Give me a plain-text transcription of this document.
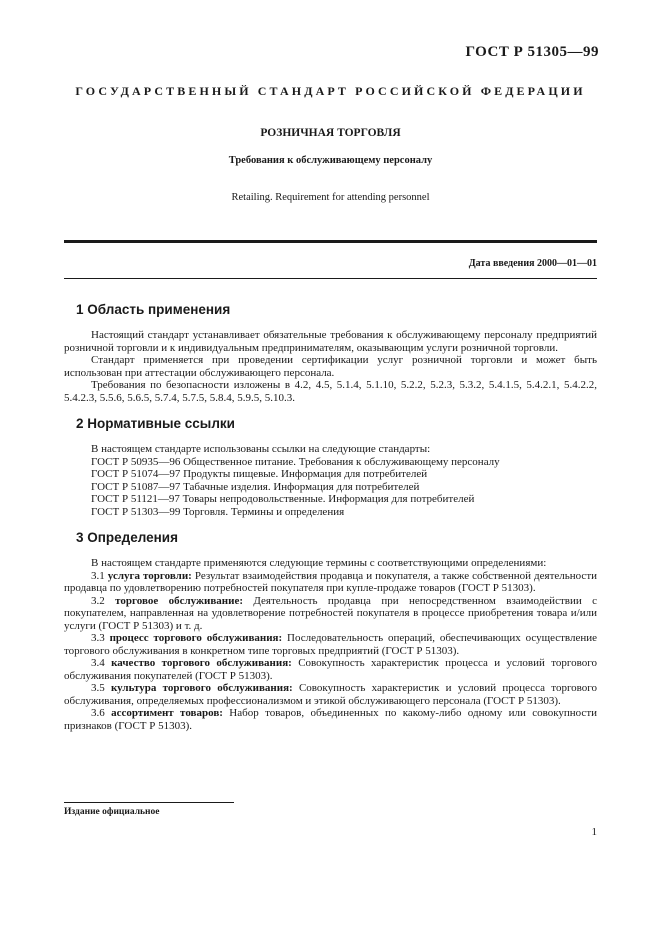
ГОСТ Р 51305—99
ГОСУДАРСТВЕННЫЙ СТАНДАРТ РОССИЙСКОЙ ФЕДЕРАЦИИ
РОЗНИЧНАЯ ТОРГОВЛЯ
Требования к обслуживающему персоналу
Retailing. Requirement for attending personnel
Дата введения 2000—01—01
1 Область применения

Настоящий стандарт устанавливает обязательные требования к обслуживающему персоналу предприятий розничной торговли и к индивидуальным предпринимателям, оказывающим услуги розничной торговли.

Стандарт применяется при проведении сертификации услуг розничной торговли и может быть использован при аттестации обслуживающего персонала.

Требования по безопасности изложены в 4.2, 4.5, 5.1.4, 5.1.10, 5.2.2, 5.2.3, 5.3.2, 5.4.1.5, 5.4.2.1, 5.4.2.2, 5.4.2.3, 5.5.6, 5.6.5, 5.7.4, 5.7.5, 5.8.4, 5.9.5, 5.10.3.

2 Нормативные ссылки

В настоящем стандарте использованы ссылки на следующие стандарты:

ГОСТ Р 50935—96 Общественное питание. Требования к обслуживающему персоналу
ГОСТ Р 51074—97 Продукты пищевые. Информация для потребителей
ГОСТ Р 51087—97 Табачные изделия. Информация для потребителей
ГОСТ Р 51121—97 Товары непродовольственные. Информация для потребителей
ГОСТ Р 51303—99 Торговля. Термины и определения
3 Определения

В настоящем стандарте применяются следующие термины с соответствующими определениями:

3.1 услуга торговли: Результат взаимодействия продавца и покупателя, а также собственной деятельности продавца по удовлетворению потребностей покупателя при купле-продаже товаров (ГОСТ Р 51303).

3.2 торговое обслуживание: Деятельность продавца при непосредственном взаимодействии с покупателем, направленная на удовлетворение потребностей покупателя в процессе приобретения товара и/или услуги (ГОСТ Р 51303) и т. д.

3.3 процесс торгового обслуживания: Последовательность операций, обеспечивающих осуществление торгового обслуживания в конкретном типе торговых предприятий (ГОСТ Р 51303).

3.4 качество торгового обслуживания: Совокупность характеристик процесса и условий торгового обслуживания покупателей (ГОСТ Р 51303).

3.5 культура торгового обслуживания: Совокупность характеристик и условий процесса торгового обслуживания, определяемых профессионализмом и этикой обслуживающего персонала (ГОСТ Р 51303).

3.6 ассортимент товаров: Набор товаров, объединенных по какому-либо одному или совокупности признаков (ГОСТ Р 51303).

Издание официальное
1
